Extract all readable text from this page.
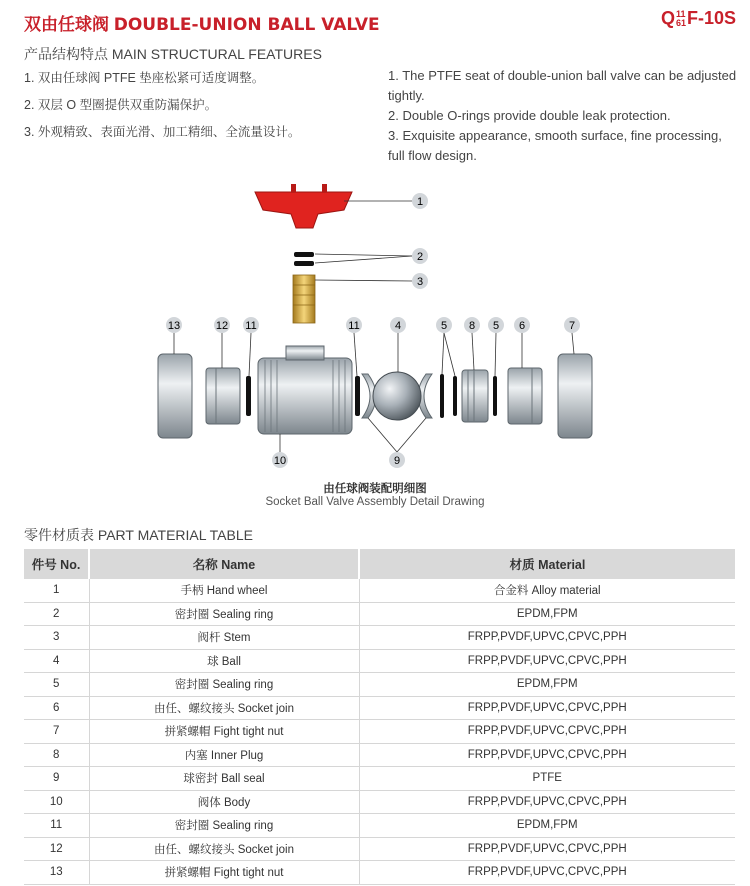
双由任球阀 DOUBLE-UNION BALL VALVE	Q 11
61 F-10S
产品结构特点 MAIN STRUCTURAL FEATURES
1. 双由任球阀 PTFE 垫座松紧可适度调整。
2. 双层 O 型圈提供双重防漏保护。
3. 外观精致、表面光滑、加工精细、全流量设计。
1. The PTFE seat of double-union ball valve can be adjusted tightly.
2. Double O-rings provide double leak protection.
3. Exquisite appearance, smooth surface, fine processing, full flow design.
1
2
3
13	12 11	11	4	5 8 5 6	7
10	9
由任球阀装配明细图
Socket Ball Valve Assembly Detail Drawing
零件材质表 PART MATERIAL TABLE
件号 No.	名称 Name	材质 Material
1	手柄 Hand wheel	合金料 Alloy material
2	密封圈 Sealing ring	EPDM,FPM
3	阀杆 Stem	FRPP,PVDF,UPVC,CPVC,PPH
4	球 Ball	FRPP,PVDF,UPVC,CPVC,PPH
5	密封圈 Sealing ring	EPDM,FPM
6	由任、螺纹接头 Socket join	FRPP,PVDF,UPVC,CPVC,PPH
7	拼紧螺帽 Fight tight nut	FRPP,PVDF,UPVC,CPVC,PPH
8	内塞 Inner Plug	FRPP,PVDF,UPVC,CPVC,PPH
9	球密封 Ball seal	PTFE
10	阀体 Body	FRPP,PVDF,UPVC,CPVC,PPH
11	密封圈 Sealing ring	EPDM,FPM
12	由任、螺纹接头 Socket join	FRPP,PVDF,UPVC,CPVC,PPH
13	拼紧螺帽 Fight tight nut	FRPP,PVDF,UPVC,CPVC,PPH
